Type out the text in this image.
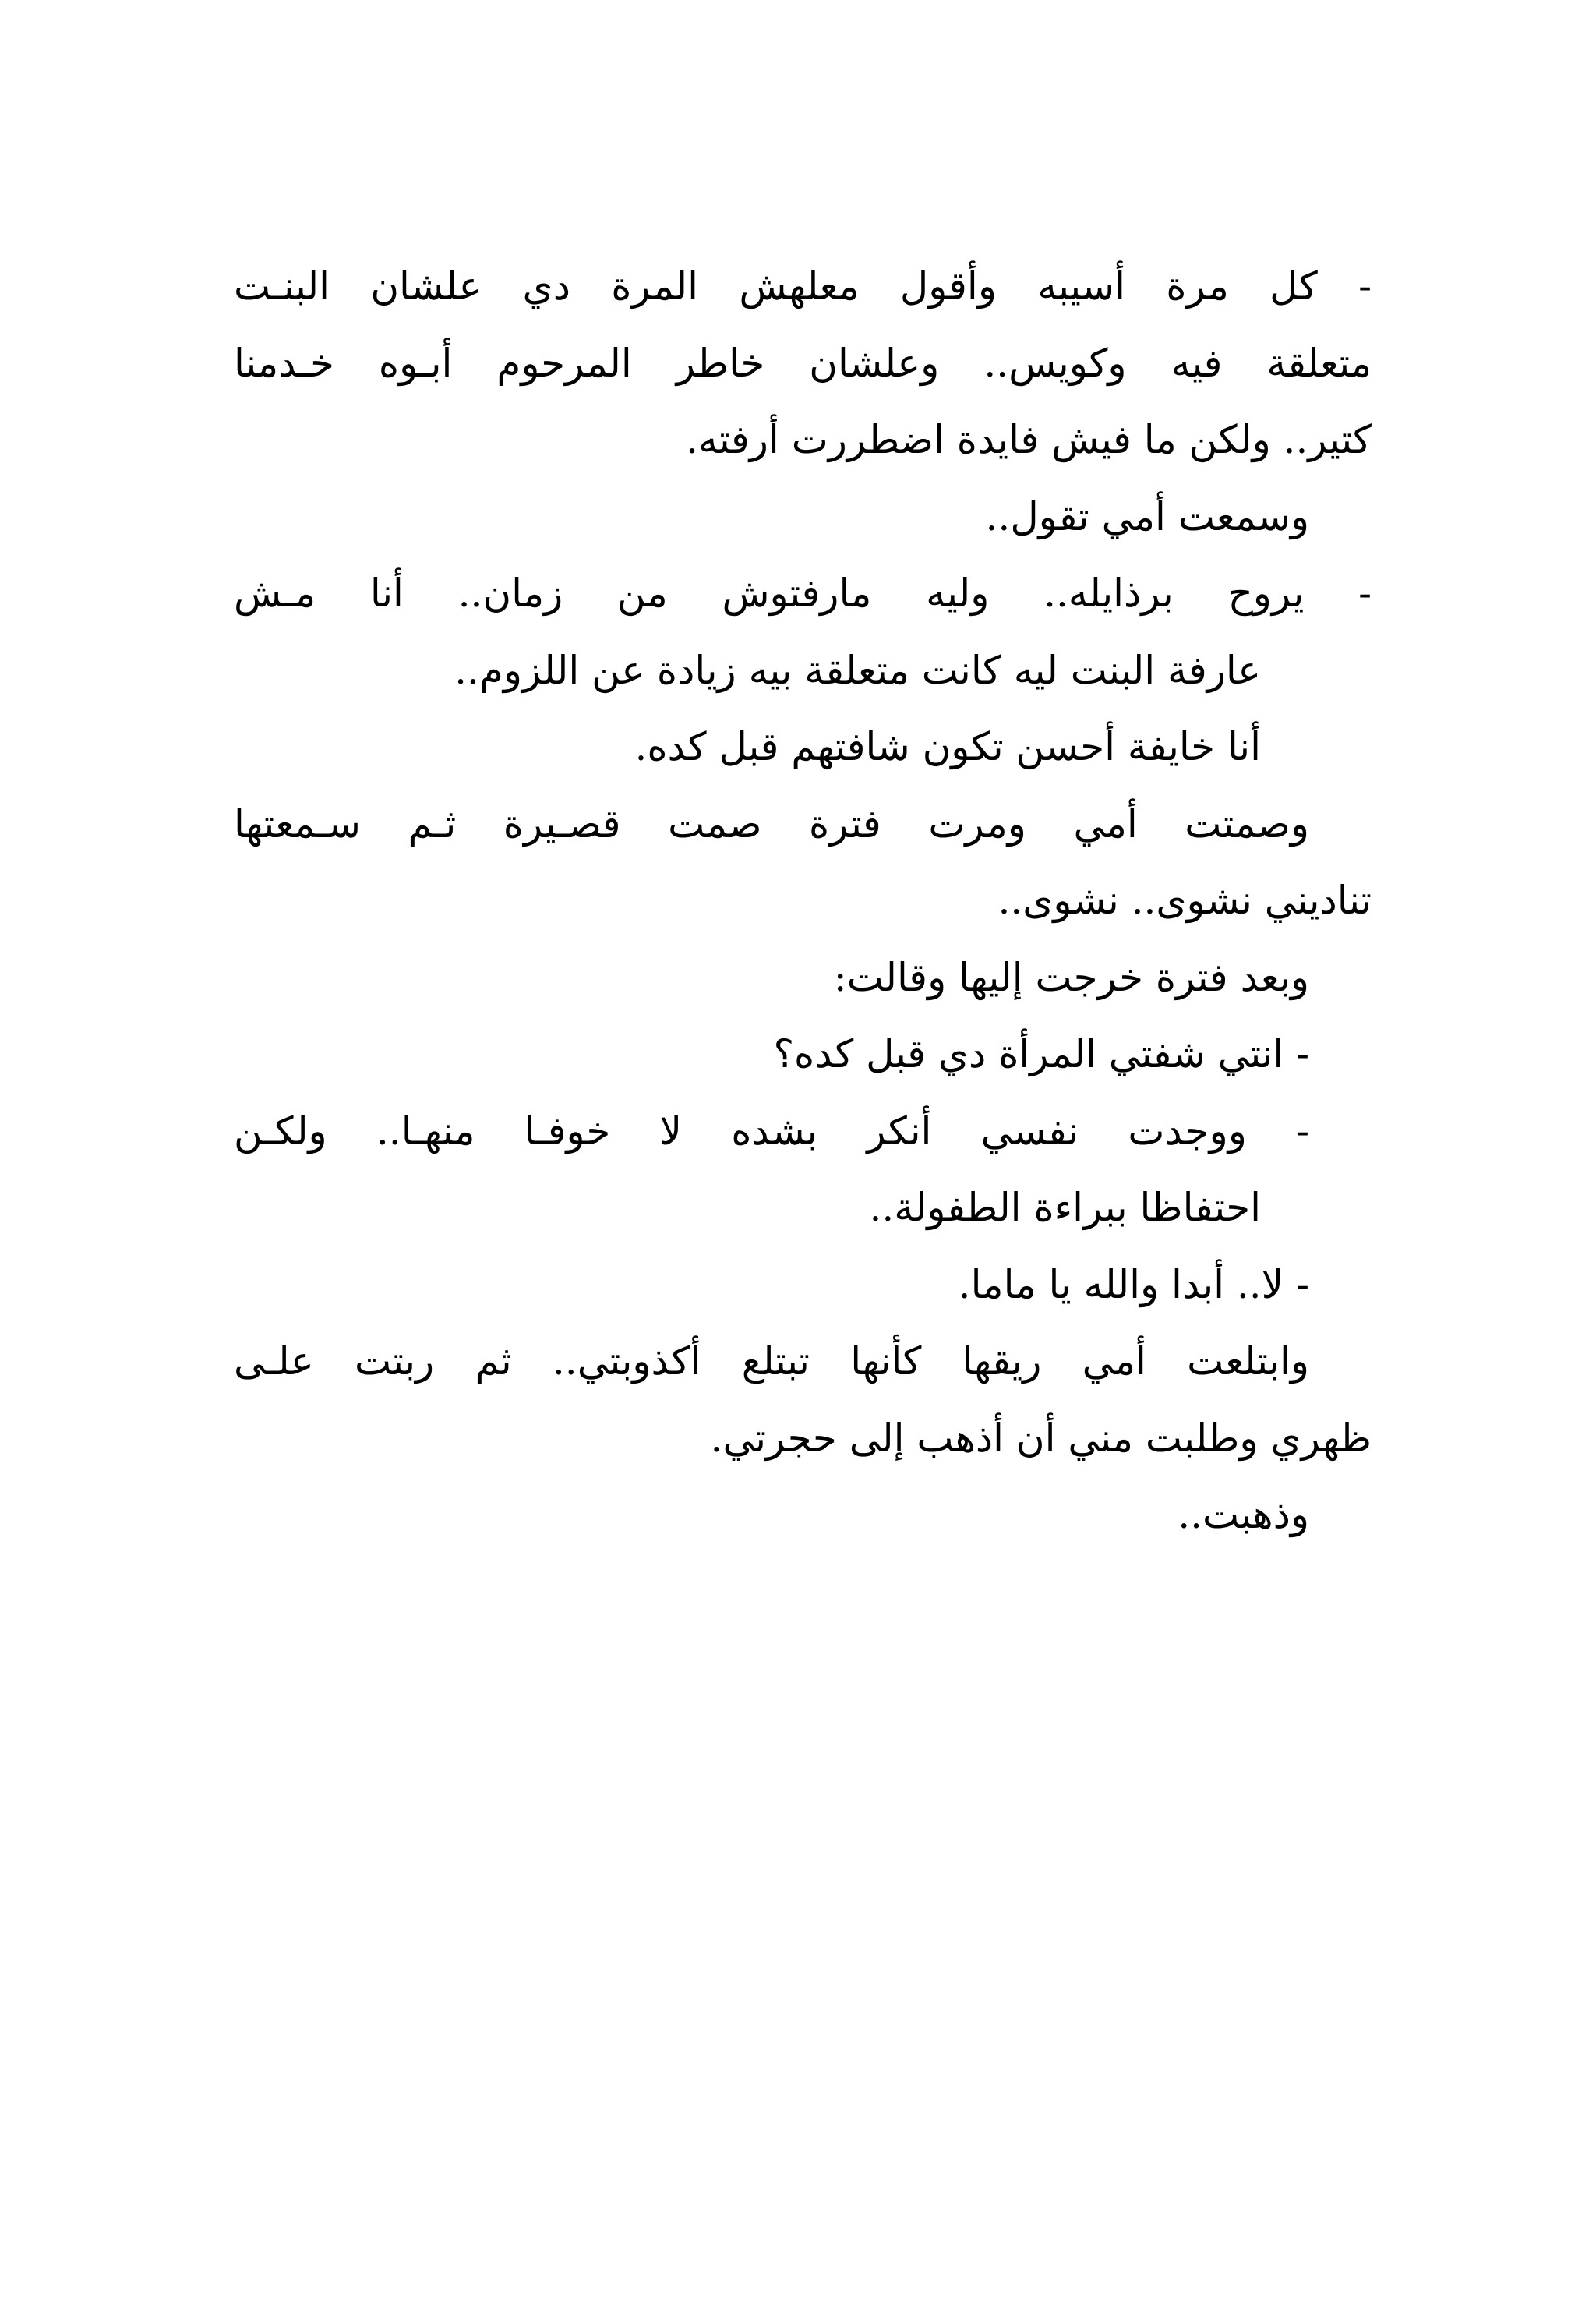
- كل مرة أسيبه وأقول معلهش المرة دي علشان البنـت
متعلقة فيه وكويس.. وعلشان خاطر المرحوم أبـوه خـدمنا
كتير.. ولكن ما فيش فايدة اضطررت أرفته.
وسمعت أمي تقول..
- يروح برذايله.. وليه مارفتوش من زمان.. أنا مـش
عارفة البنت ليه كانت متعلقة بيه زيادة عن اللزوم..
أنا خايفة أحسن تكون شافتهم قبل كده.
وصمتت أمي ومرت فترة صمت قصـيرة ثـم سـمعتها
تناديني نشوى.. نشوى..
وبعد فترة خرجت إليها وقالت:
- انتي شفتي المرأة دي قبل كده؟
- ووجدت نفسي أنكر بشده لا خوفـا منهـا.. ولكـن
احتفاظا ببراءة الطفولة..
- لا.. أبدا والله يا ماما.
وابتلعت أمي ريقها كأنها تبتلع أكذوبتي.. ثم ربتت علـى
ظهري وطلبت مني أن أذهب إلى حجرتي.
وذهبت..
